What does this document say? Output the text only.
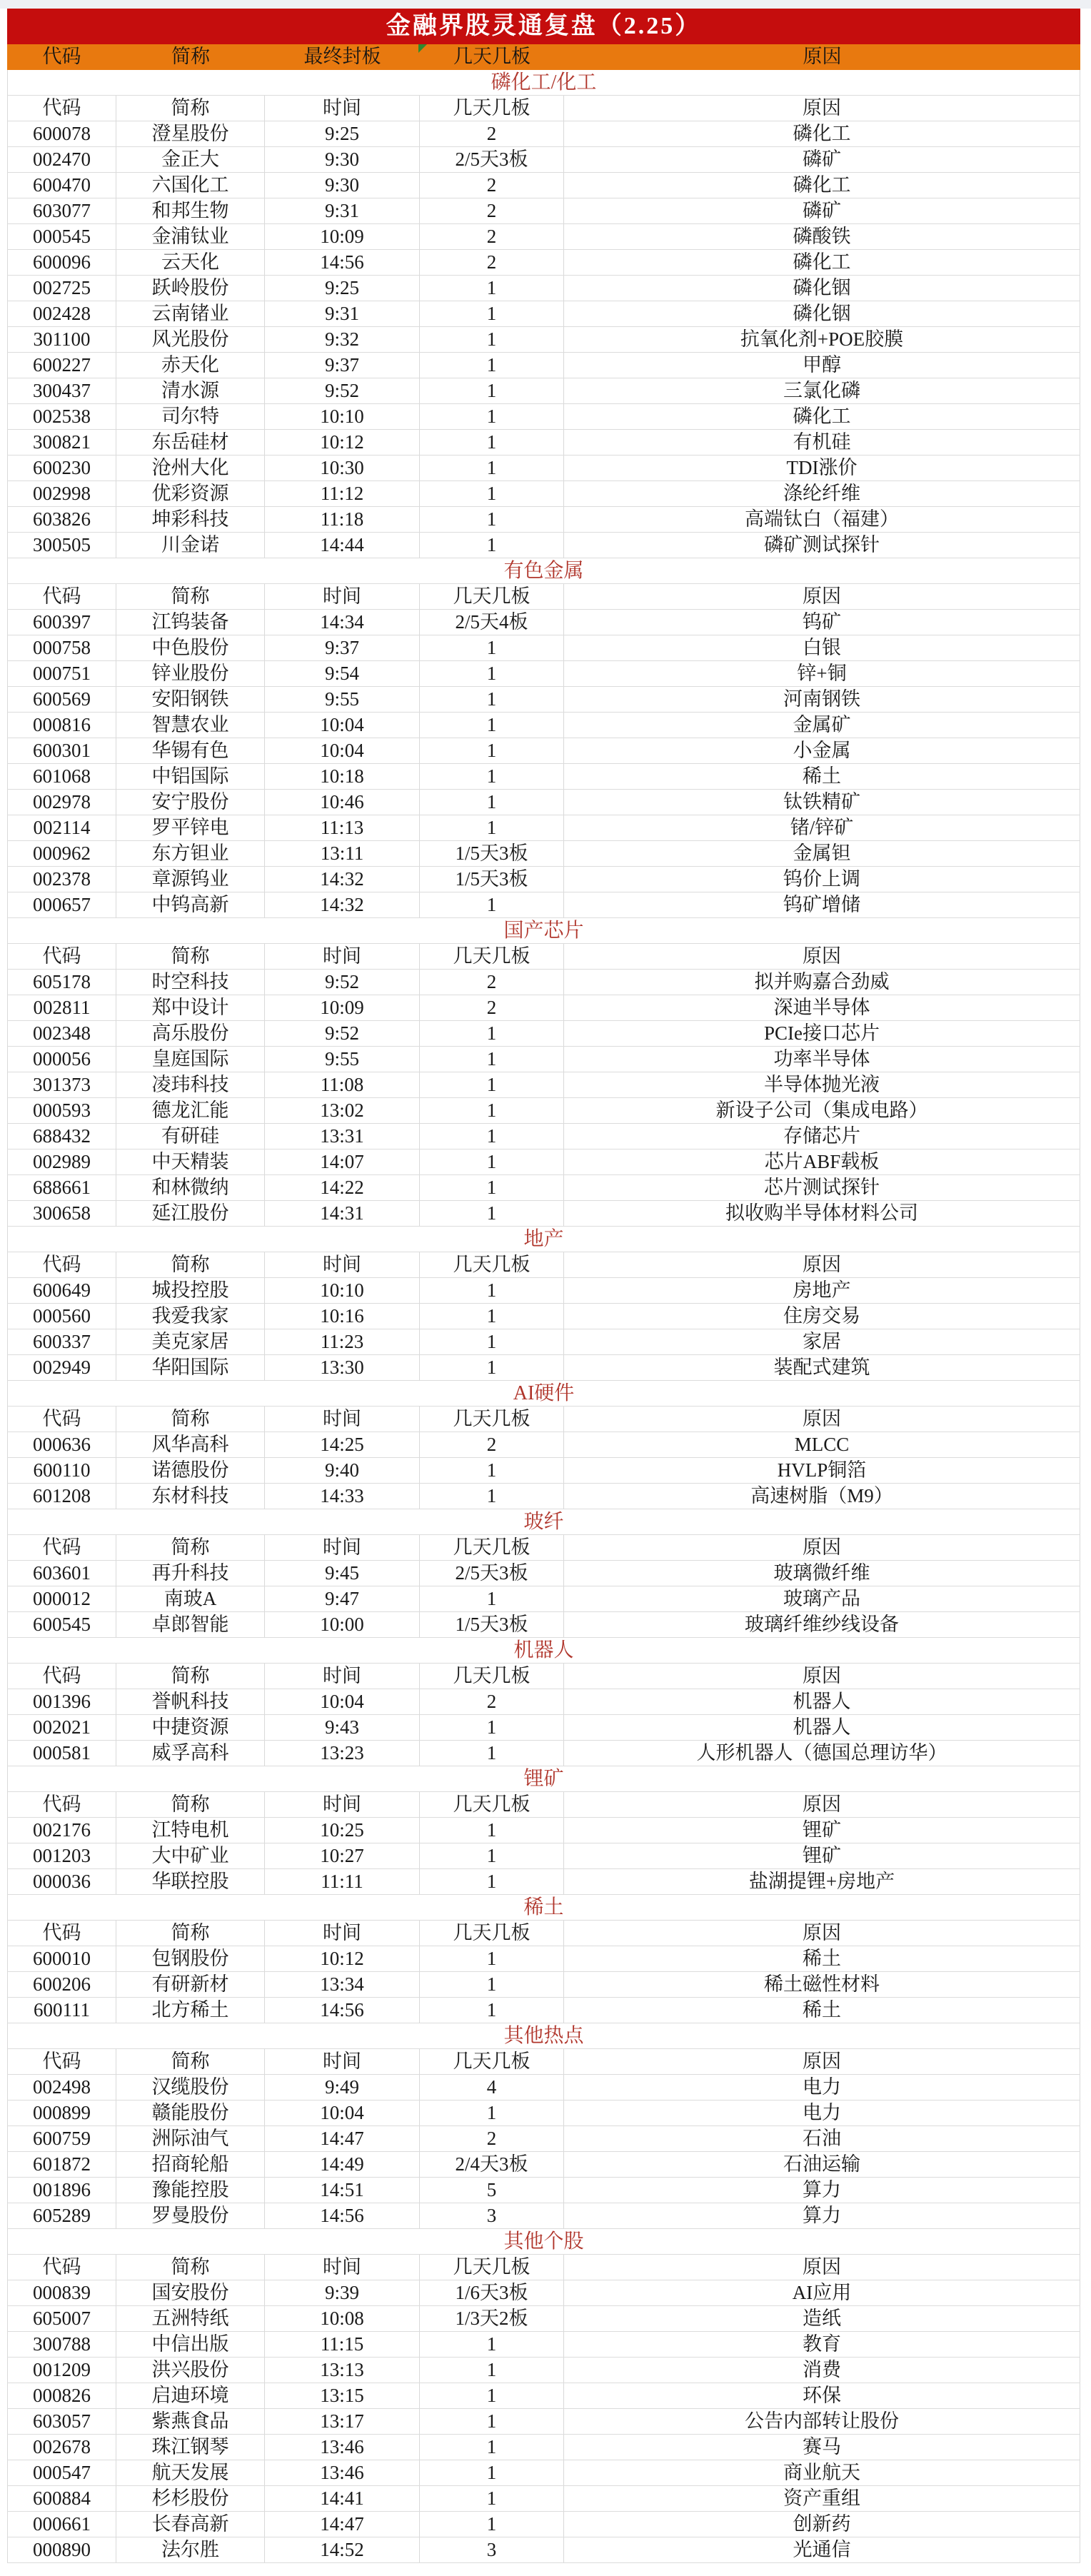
金融界股灵通复盘（2.25）
代码	简称	最终封板	几天几板	原因
磷化工/化工
代码	简称	时间	几天几板	原因
600078	澄星股份	9:25	2	磷化工
002470	金正大	9:30	2/5天3板	磷矿
600470	六国化工	9:30	2	磷化工
603077	和邦生物	9:31	2	磷矿
000545	金浦钛业	10:09	2	磷酸铁
600096	云天化	14:56	2	磷化工
002725	跃岭股份	9:25	1	磷化铟
002428	云南锗业	9:31	1	磷化铟
301100	风光股份	9:32	1	抗氧化剂+POE胶膜
600227	赤天化	9:37	1	甲醇
300437	清水源	9:52	1	三氯化磷
002538	司尔特	10:10	1	磷化工
300821	东岳硅材	10:12	1	有机硅
600230	沧州大化	10:30	1	TDI涨价
002998	优彩资源	11:12	1	涤纶纤维
603826	坤彩科技	11:18	1	高端钛白（福建）
300505	川金诺	14:44	1	磷矿测试探针
有色金属
代码	简称	时间	几天几板	原因
600397	江钨装备	14:34	2/5天4板	钨矿
000758	中色股份	9:37	1	白银
000751	锌业股份	9:54	1	锌+铜
600569	安阳钢铁	9:55	1	河南钢铁
000816	智慧农业	10:04	1	金属矿
600301	华锡有色	10:04	1	小金属
601068	中铝国际	10:18	1	稀土
002978	安宁股份	10:46	1	钛铁精矿
002114	罗平锌电	11:13	1	锗/锌矿
000962	东方钽业	13:11	1/5天3板	金属钽
002378	章源钨业	14:32	1/5天3板	钨价上调
000657	中钨高新	14:32	1	钨矿增储
国产芯片
代码	简称	时间	几天几板	原因
605178	时空科技	9:52	2	拟并购嘉合劲威
002811	郑中设计	10:09	2	深迪半导体
002348	高乐股份	9:52	1	PCIe接口芯片
000056	皇庭国际	9:55	1	功率半导体
301373	凌玮科技	11:08	1	半导体抛光液
000593	德龙汇能	13:02	1	新设子公司（集成电路）
688432	有研硅	13:31	1	存储芯片
002989	中天精装	14:07	1	芯片ABF载板
688661	和林微纳	14:22	1	芯片测试探针
300658	延江股份	14:31	1	拟收购半导体材料公司
地产
代码	简称	时间	几天几板	原因
600649	城投控股	10:10	1	房地产
000560	我爱我家	10:16	1	住房交易
600337	美克家居	11:23	1	家居
002949	华阳国际	13:30	1	装配式建筑
AI硬件
代码	简称	时间	几天几板	原因
000636	风华高科	14:25	2	MLCC
600110	诺德股份	9:40	1	HVLP铜箔
601208	东材科技	14:33	1	高速树脂（M9）
玻纤
代码	简称	时间	几天几板	原因
603601	再升科技	9:45	2/5天3板	玻璃微纤维
000012	南玻A	9:47	1	玻璃产品
600545	卓郎智能	10:00	1/5天3板	玻璃纤维纱线设备
机器人
代码	简称	时间	几天几板	原因
001396	誉帆科技	10:04	2	机器人
002021	中捷资源	9:43	1	机器人
000581	威孚高科	13:23	1	人形机器人（德国总理访华）
锂矿
代码	简称	时间	几天几板	原因
002176	江特电机	10:25	1	锂矿
001203	大中矿业	10:27	1	锂矿
000036	华联控股	11:11	1	盐湖提锂+房地产
稀土
代码	简称	时间	几天几板	原因
600010	包钢股份	10:12	1	稀土
600206	有研新材	13:34	1	稀土磁性材料
600111	北方稀土	14:56	1	稀土
其他热点
代码	简称	时间	几天几板	原因
002498	汉缆股份	9:49	4	电力
000899	赣能股份	10:04	1	电力
600759	洲际油气	14:47	2	石油
601872	招商轮船	14:49	2/4天3板	石油运输
001896	豫能控股	14:51	5	算力
605289	罗曼股份	14:56	3	算力
其他个股
代码	简称	时间	几天几板	原因
000839	国安股份	9:39	1/6天3板	AI应用
605007	五洲特纸	10:08	1/3天2板	造纸
300788	中信出版	11:15	1	教育
001209	洪兴股份	13:13	1	消费
000826	启迪环境	13:15	1	环保
603057	紫燕食品	13:17	1	公告内部转让股份
002678	珠江钢琴	13:46	1	赛马
000547	航天发展	13:46	1	商业航天
600884	杉杉股份	14:41	1	资产重组
000661	长春高新	14:47	1	创新药
000890	法尔胜	14:52	3	光通信
